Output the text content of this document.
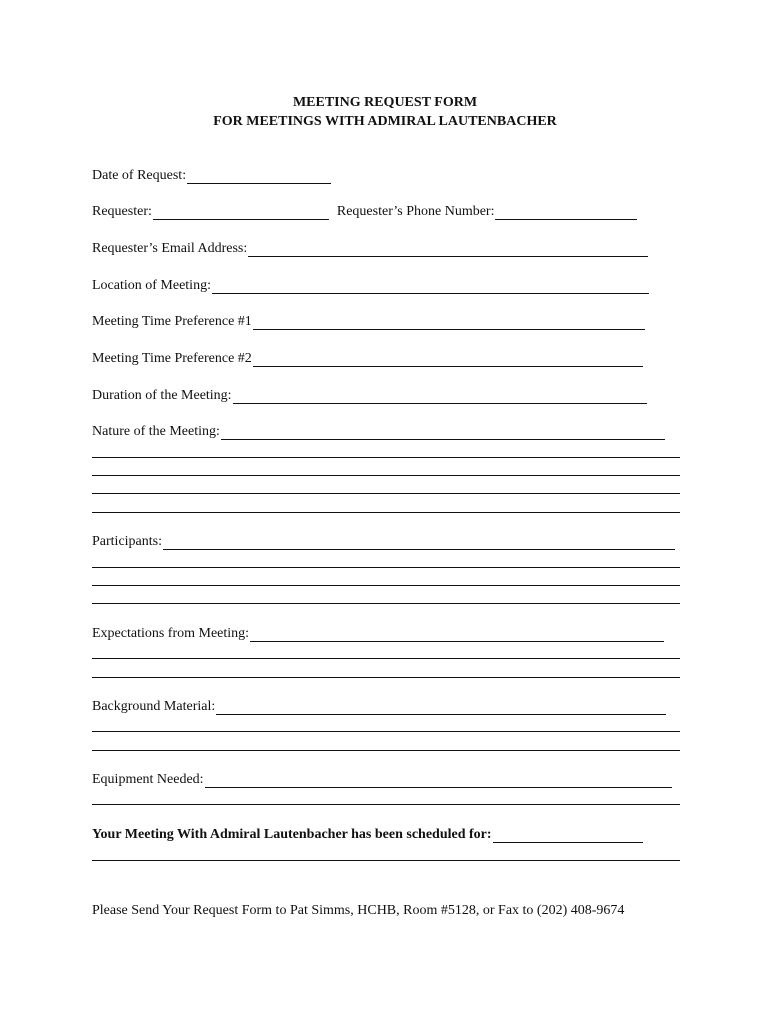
MEETING REQUEST FORM
FOR MEETINGS WITH ADMIRAL LAUTENBACHER
Date of Request:
Requester:	Requester’s Phone Number:
Requester’s Email Address:
Location of Meeting:
Meeting Time Preference #1
Meeting Time Preference #2
Duration of the Meeting:
Nature of the Meeting:
Participants:
Expectations from Meeting:
Background Material:
Equipment Needed:
Your Meeting With Admiral Lautenbacher has been scheduled for:
Please Send Your Request Form to Pat Simms, HCHB, Room #5128, or Fax to (202) 408-9674
